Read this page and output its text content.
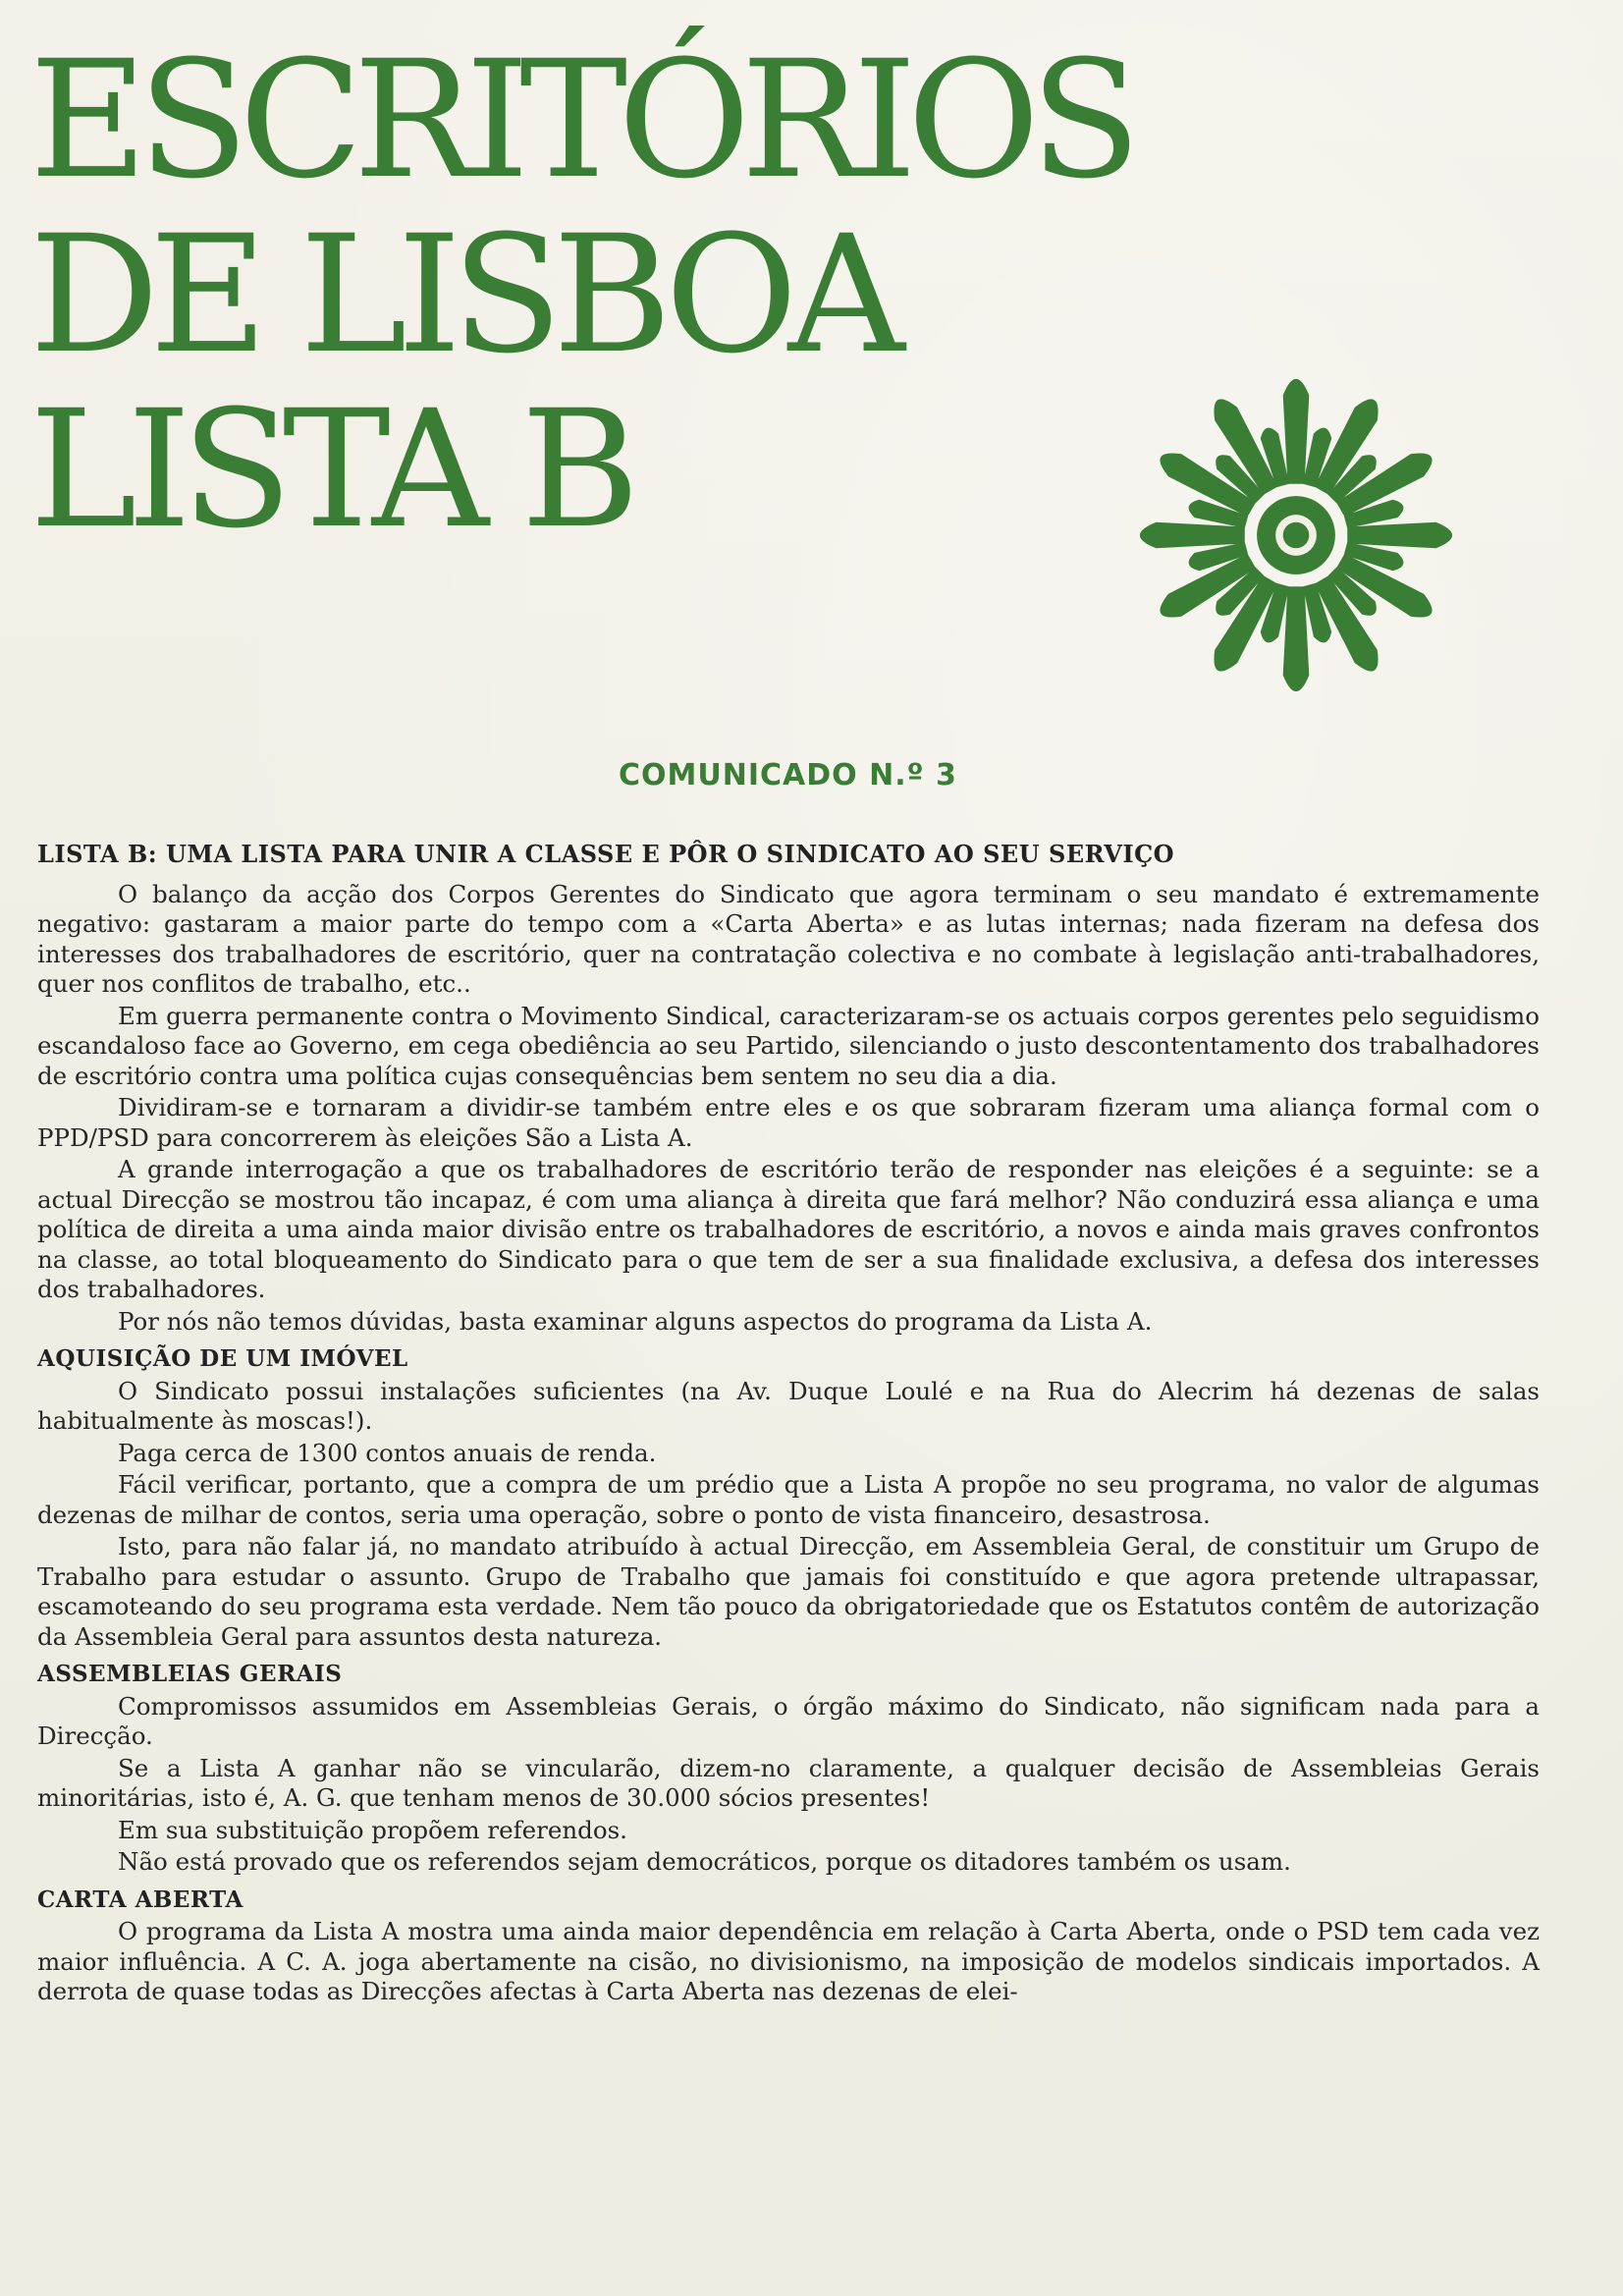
ESCRITÓRIOS
DE LISBOA
LISTA B
COMUNICADO N.º 3
LISTA B: UMA LISTA PARA UNIR A CLASSE E PÔR O SINDICATO AO SEU SERVIÇO

O balanço da acção dos Corpos Gerentes do Sindicato que agora terminam o seu mandato é extremamente negativo: gastaram a maior parte do tempo com a «Carta Aberta» e as lutas internas; nada fizeram na defesa dos interesses dos trabalhadores de escritório, quer na contratação colectiva e no combate à legislação anti-trabalhadores, quer nos conflitos de trabalho, etc..

Em guerra permanente contra o Movimento Sindical, caracterizaram-se os actuais corpos gerentes pelo seguidismo escandaloso face ao Governo, em cega obediência ao seu Partido, silenciando o justo descontentamento dos trabalhadores de escritório contra uma política cujas consequências bem sentem no seu dia a dia.

Dividiram-se e tornaram a dividir-se também entre eles e os que sobraram fizeram uma aliança formal com o PPD/PSD para concorrerem às eleições São a Lista A.

A grande interrogação a que os trabalhadores de escritório terão de responder nas eleições é a seguinte: se a actual Direcção se mostrou tão incapaz, é com uma aliança à direita que fará melhor? Não conduzirá essa aliança e uma política de direita a uma ainda maior divisão entre os trabalhadores de escritório, a novos e ainda mais graves confrontos na classe, ao total bloqueamento do Sindicato para o que tem de ser a sua finalidade exclusiva, a defesa dos interesses dos trabalhadores.

Por nós não temos dúvidas, basta examinar alguns aspectos do programa da Lista A.

AQUISIÇÃO DE UM IMÓVEL

O Sindicato possui instalações suficientes (na Av. Duque Loulé e na Rua do Alecrim há dezenas de salas habitualmente às moscas!).

Paga cerca de 1300 contos anuais de renda.

Fácil verificar, portanto, que a compra de um prédio que a Lista A propõe no seu programa, no valor de algumas dezenas de milhar de contos, seria uma operação, sobre o ponto de vista financeiro, desastrosa.

Isto, para não falar já, no mandato atribuído à actual Direcção, em Assembleia Geral, de constituir um Grupo de Trabalho para estudar o assunto. Grupo de Trabalho que jamais foi constituído e que agora pretende ultrapassar, escamoteando do seu programa esta verdade. Nem tão pouco da obrigatoriedade que os Estatutos contêm de autorização da Assembleia Geral para assuntos desta natureza.

ASSEMBLEIAS GERAIS

Compromissos assumidos em Assembleias Gerais, o órgão máximo do Sindicato, não significam nada para a Direcção.

Se a Lista A ganhar não se vincularão, dizem-no claramente, a qualquer decisão de Assembleias Gerais minoritárias, isto é, A. G. que tenham menos de 30.000 sócios presentes!

Em sua substituição propõem referendos.

Não está provado que os referendos sejam democráticos, porque os ditadores também os usam.

CARTA ABERTA

O programa da Lista A mostra uma ainda maior dependência em relação à Carta Aberta, onde o PSD tem cada vez maior influência. A C. A. joga abertamente na cisão, no divisionismo, na imposição de modelos sindicais importados. A derrota de quase todas as Direcções afectas à Carta Aberta nas dezenas de elei-
